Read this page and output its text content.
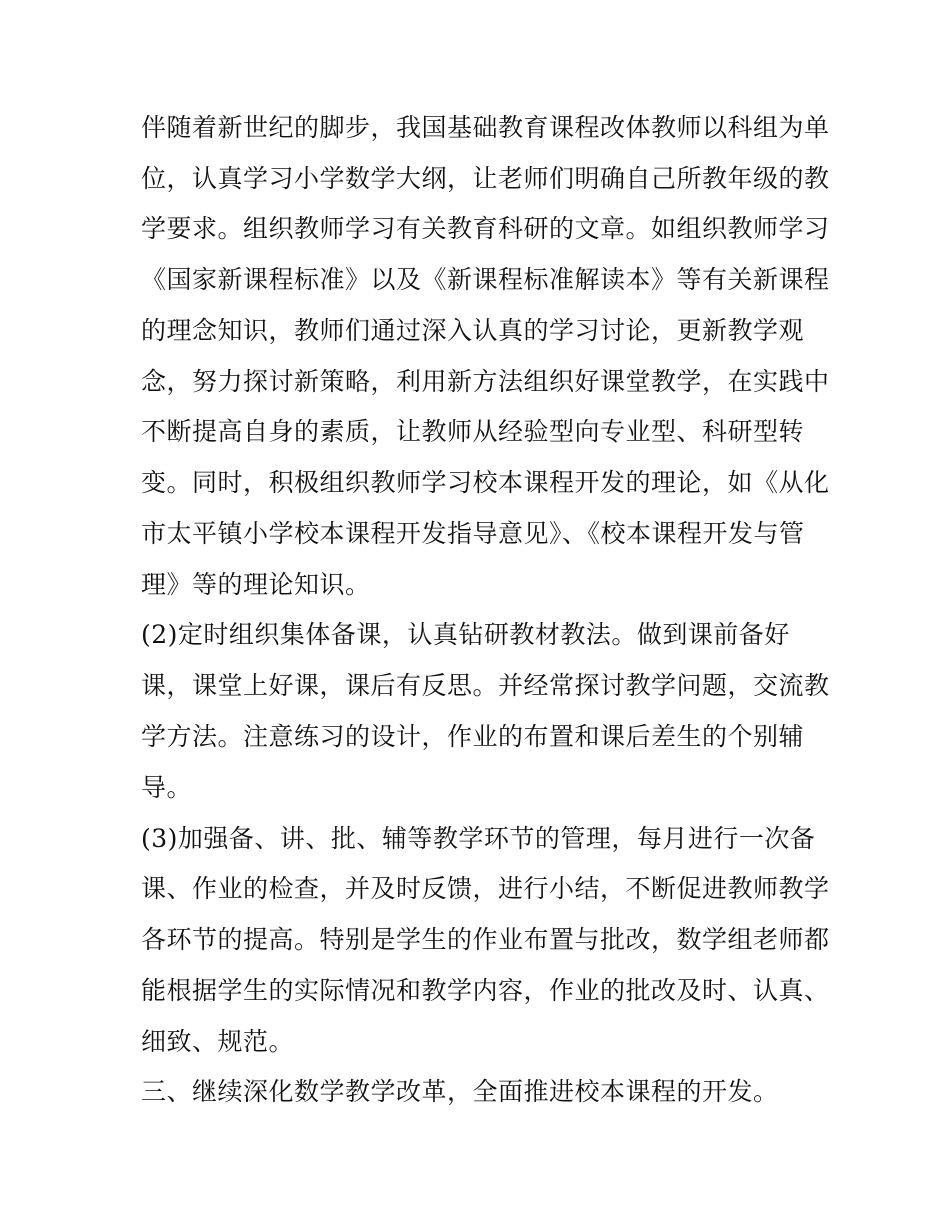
伴随着新世纪的脚步，我国基础教育课程改体教师以科组为单
位，认真学习小学数学大纲，让老师们明确自己所教年级的教
学要求。组织教师学习有关教育科研的文章。如组织教师学习
《国家新课程标准》以及《新课程标准解读本》等有关新课程
的理念知识，教师们通过深入认真的学习讨论，更新教学观
念，努力探讨新策略，利用新方法组织好课堂教学，在实践中
不断提高自身的素质，让教师从经验型向专业型、科研型转
变。同时，积极组织教师学习校本课程开发的理论，如《从化
市太平镇小学校本课程开发指导意见》、《校本课程开发与管
理》等的理论知识。
(2)定时组织集体备课，认真钻研教材教法。做到课前备好
课，课堂上好课，课后有反思。并经常探讨教学问题，交流教
学方法。注意练习的设计，作业的布置和课后差生的个别辅
导。
(3)加强备、讲、批、辅等教学环节的管理，每月进行一次备
课、作业的检查，并及时反馈，进行小结，不断促进教师教学
各环节的提高。特别是学生的作业布置与批改，数学组老师都
能根据学生的实际情况和教学内容，作业的批改及时、认真、
细致、规范。
三、继续深化数学教学改革，全面推进校本课程的开发。
